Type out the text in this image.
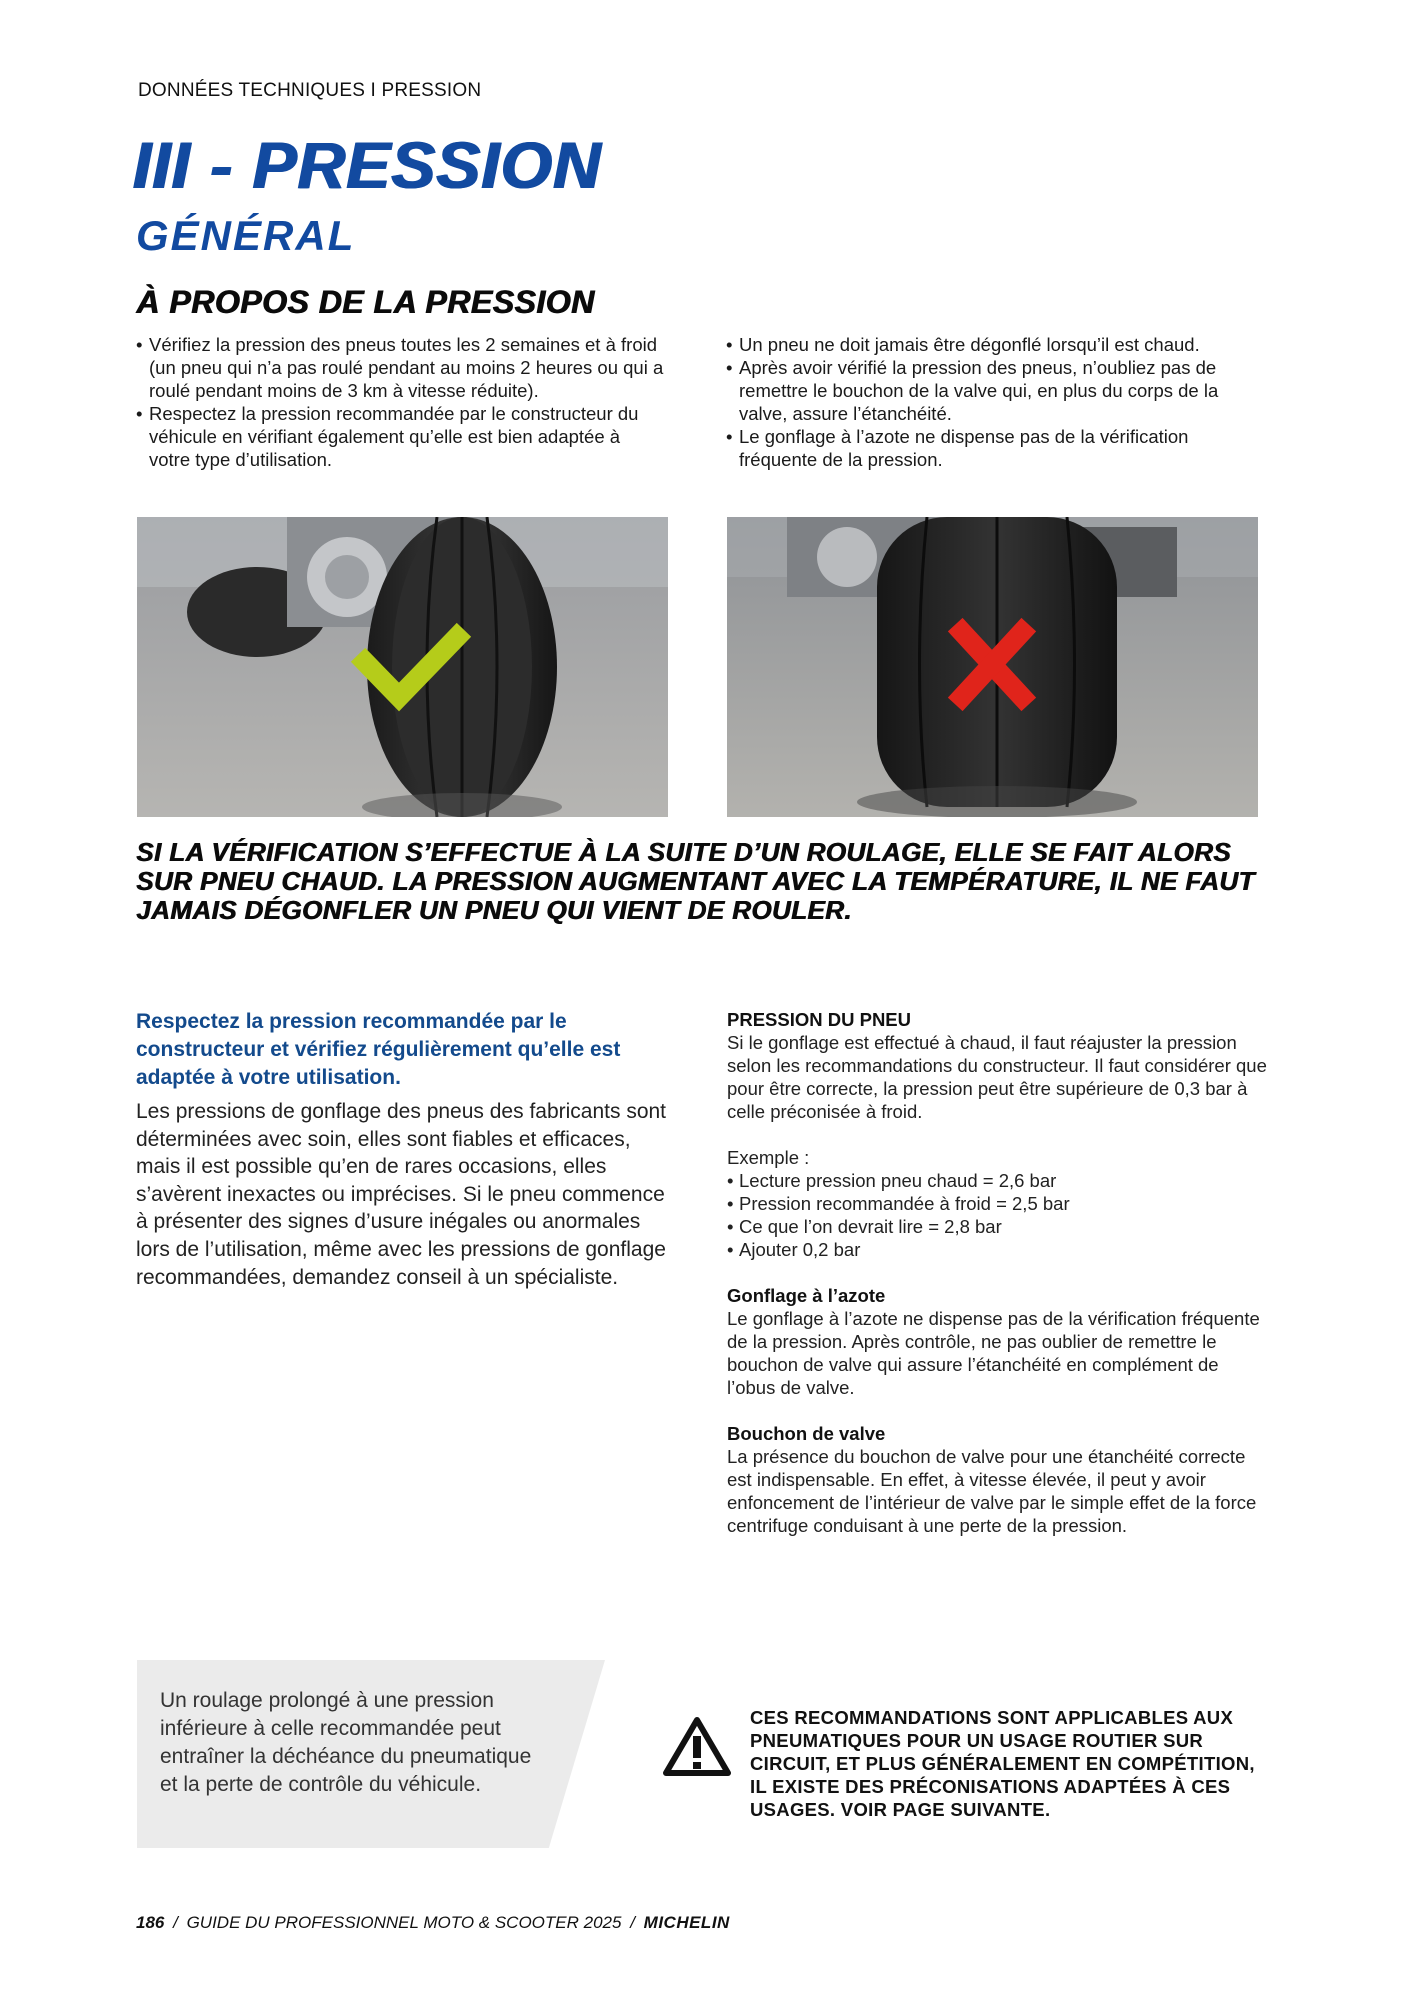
DONNÉES TECHNIQUES I PRESSION
III - PRESSION
GÉNÉRAL
À PROPOS DE LA PRESSION
• Vérifiez la pression des pneus toutes les 2 semaines et à froid (un pneu qui n’a pas roulé pendant au moins 2 heures ou qui a roulé pendant moins de 3 km à vitesse réduite).
• Respectez la pression recommandée par le constructeur du véhicule en vérifiant également qu’elle est bien adaptée à votre type d’utilisation.
• Un pneu ne doit jamais être dégonflé lorsqu’il est chaud.
• Après avoir vérifié la pression des pneus, n’oubliez pas de remettre le bouchon de la valve qui, en plus du corps de la valve, assure l’étanchéité.
• Le gonflage à l’azote ne dispense pas de la vérification fréquente de la pression.
SI LA VÉRIFICATION S’EFFECTUE À LA SUITE D’UN ROULAGE, ELLE SE FAIT ALORS SUR PNEU CHAUD. LA PRESSION AUGMENTANT AVEC LA TEMPÉRATURE, IL NE FAUT JAMAIS DÉGONFLER UN PNEU QUI VIENT DE ROULER.
Respectez la pression recommandée par le constructeur et vérifiez régulièrement qu’elle est adaptée à votre utilisation.
Les pressions de gonflage des pneus des fabricants sont déterminées avec soin, elles sont fiables et efficaces, mais il est possible qu’en de rares occasions, elles s’avèrent inexactes ou imprécises. Si le pneu commence à présenter des signes d’usure inégales ou anormales lors de l’utilisation, même avec les pressions de gonflage recommandées, demandez conseil à un spécialiste.
PRESSION DU PNEU
Si le gonflage est effectué à chaud, il faut réajuster la pression selon les recommandations du constructeur. Il faut considérer que pour être correcte, la pression peut être supérieure de 0,3 bar à celle préconisée à froid.
Exemple :
• Lecture pression pneu chaud = 2,6 bar
• Pression recommandée à froid = 2,5 bar
• Ce que l’on devrait lire = 2,8 bar
• Ajouter 0,2 bar
Gonflage à l’azote
Le gonflage à l’azote ne dispense pas de la vérification fréquente de la pression. Après contrôle, ne pas oublier de remettre le bouchon de valve qui assure l’étanchéité en complément de l’obus de valve.
Bouchon de valve
La présence du bouchon de valve pour une étanchéité correcte est indispensable. En effet, à vitesse élevée, il peut y avoir enfoncement de l’intérieur de valve par le simple effet de la force centrifuge conduisant à une perte de la pression.
Un roulage prolongé à une pression inférieure à celle recommandée peut entraîner la déchéance du pneumatique et la perte de contrôle du véhicule.
CES RECOMMANDATIONS SONT APPLICABLES AUX PNEUMATIQUES POUR UN USAGE ROUTIER SUR CIRCUIT, ET PLUS GÉNÉRALEMENT EN COMPÉTITION, IL EXISTE DES PRÉCONISATIONS ADAPTÉES À CES USAGES. VOIR PAGE SUIVANTE.
186 / GUIDE DU PROFESSIONNEL MOTO & SCOOTER 2025 / MICHELIN
